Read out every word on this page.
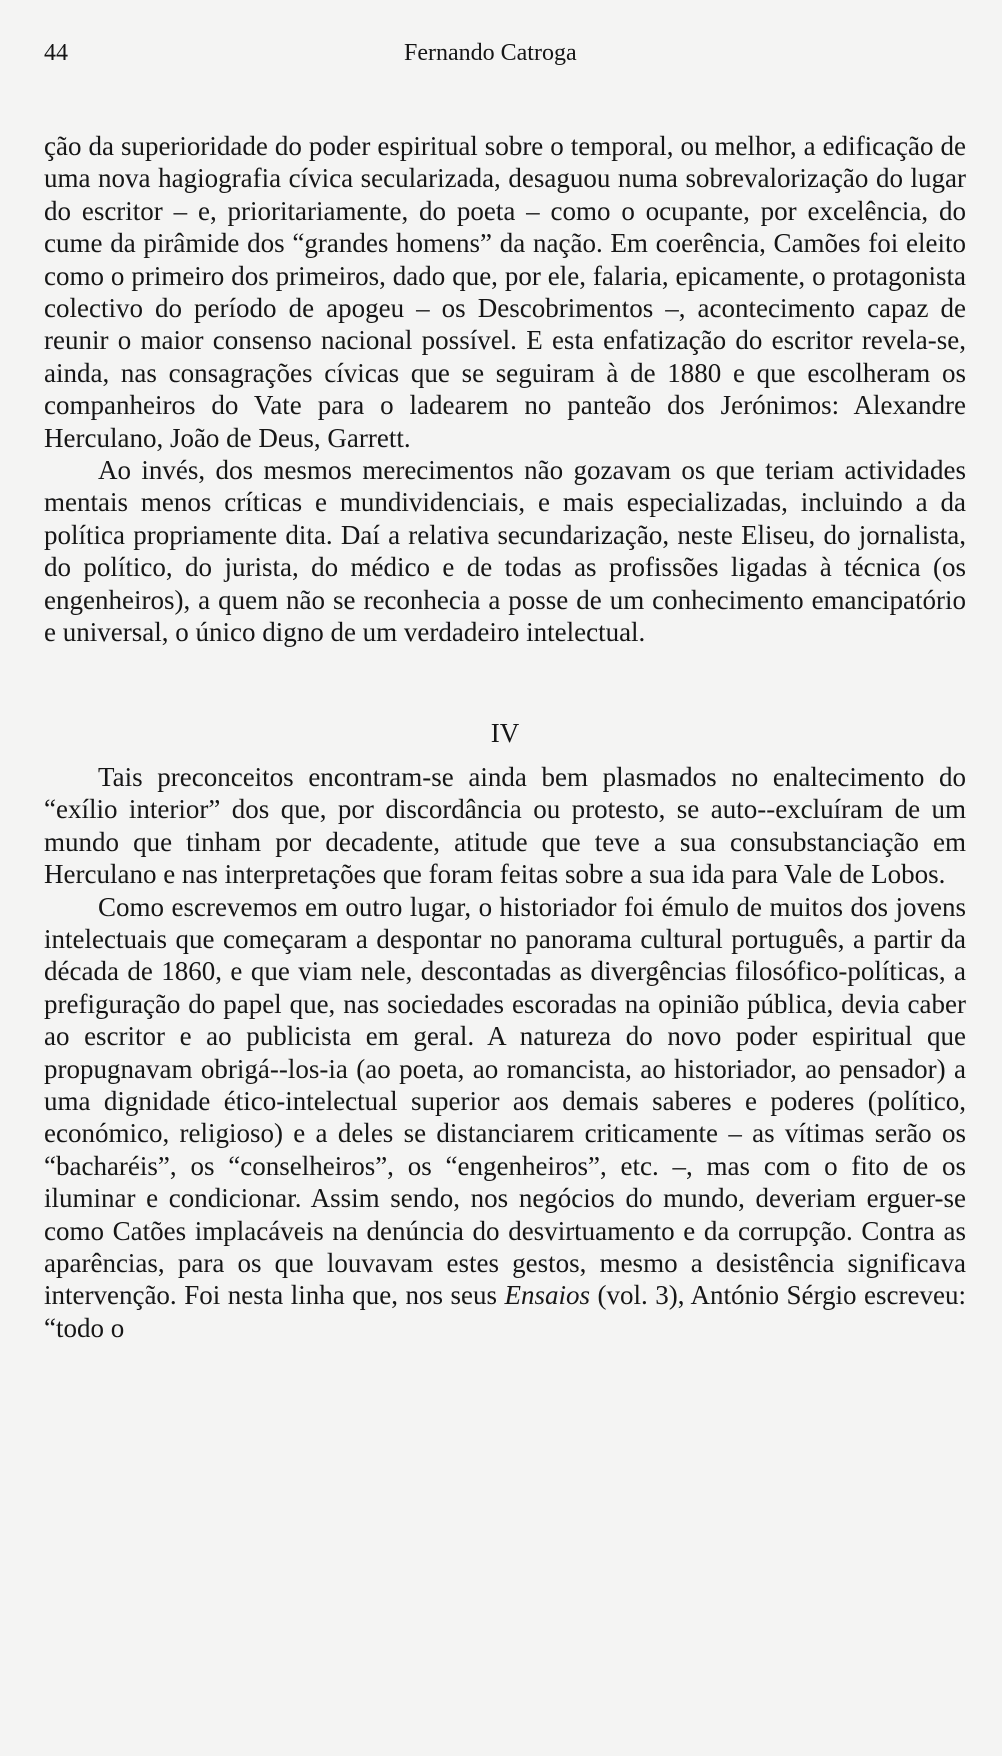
44	Fernando Catroga

ção da superioridade do poder espiritual sobre o temporal, ou melhor, a edificação de uma nova hagiografia cívica secularizada, desaguou numa sobrevalorização do lugar do escritor – e, prioritariamente, do poeta – como o ocupante, por excelência, do cume da pirâmide dos “grandes homens” da nação. Em coerência, Camões foi eleito como o primeiro dos primeiros, dado que, por ele, falaria, epicamente, o protagonista colectivo do período de apogeu – os Descobrimentos –, acontecimento capaz de reunir o maior consenso nacional possível. E esta enfatização do escritor revela-se, ainda, nas consagrações cívicas que se seguiram à de 1880 e que escolheram os companheiros do Vate para o ladearem no panteão dos Jerónimos: Alexandre Herculano, João de Deus, Garrett.

Ao invés, dos mesmos merecimentos não gozavam os que teriam actividades mentais menos críticas e mundividenciais, e mais especializadas, incluindo a da política propriamente dita. Daí a relativa secundarização, neste Eliseu, do jornalista, do político, do jurista, do médico e de todas as profissões ligadas à técnica (os engenheiros), a quem não se reconhecia a posse de um conhecimento emancipatório e universal, o único digno de um verdadeiro intelectual.

IV

Tais preconceitos encontram-se ainda bem plasmados no enaltecimento do “exílio interior” dos que, por discordância ou protesto, se auto--excluíram de um mundo que tinham por decadente, atitude que teve a sua consubstanciação em Herculano e nas interpretações que foram feitas sobre a sua ida para Vale de Lobos.

Como escrevemos em outro lugar, o historiador foi émulo de muitos dos jovens intelectuais que começaram a despontar no panorama cultural português, a partir da década de 1860, e que viam nele, descontadas as divergências filosófico-políticas, a prefiguração do papel que, nas sociedades escoradas na opinião pública, devia caber ao escritor e ao publicista em geral. A natureza do novo poder espiritual que propugnavam obrigá--los-ia (ao poeta, ao romancista, ao historiador, ao pensador) a uma dignidade ético-intelectual superior aos demais saberes e poderes (político, económico, religioso) e a deles se distanciarem criticamente – as vítimas serão os “bacharéis”, os “conselheiros”, os “engenheiros”, etc. –, mas com o fito de os iluminar e condicionar. Assim sendo, nos negócios do mundo, deveriam erguer-se como Catões implacáveis na denúncia do desvirtuamento e da corrupção. Contra as aparências, para os que louvavam estes gestos, mesmo a desistência significava intervenção. Foi nesta linha que, nos seus Ensaios (vol. 3), António Sérgio escreveu: “todo o
